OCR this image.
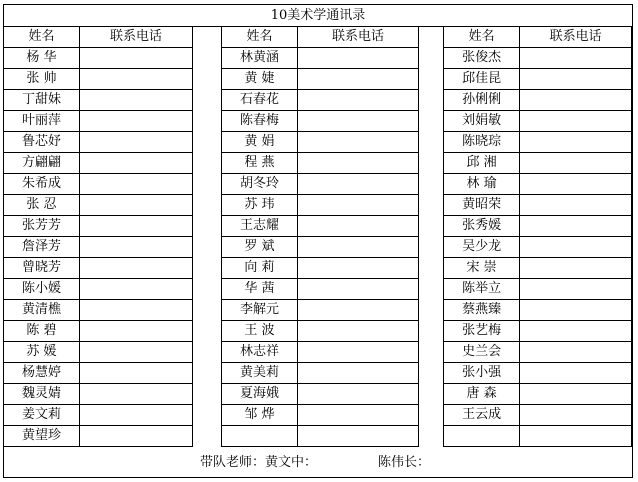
10美术学通讯录
姓名	联系电话
杨 华	
张 帅	
丁甜妹	
叶丽萍	
鲁芯妤	
方翩翩	
朱希成	
张 忍	
张芳芳	
詹泽芳	
曾晓芳	
陈小媛	
黄清樵	
陈 碧	
苏 媛	
杨慧婷	
魏灵婧	
姜文莉	
黄望珍	
姓名	联系电话
林黄涵	
黄 婕	
石春花	
陈春梅	
黄 娟	
程 燕	
胡冬玲	
苏 玮	
王志耀	
罗 斌	
向 莉	
华 茜	
李解元	
王 波	
林志祥	
黄美莉	
夏海娥	
邹 烨	

姓名	联系电话
张俊杰	
邱佳昆	
孙俐俐	
刘娟敏	
陈晓琮	
邱 湘	
林 瑜	
黄昭荣	
张秀媛	
吴少龙	
宋 崇	
陈举立	
蔡燕臻	
张艺梅	
史兰会	
张小强	
唐 森	
王云成	

带队老师： 黄文中：	陈伟长：
